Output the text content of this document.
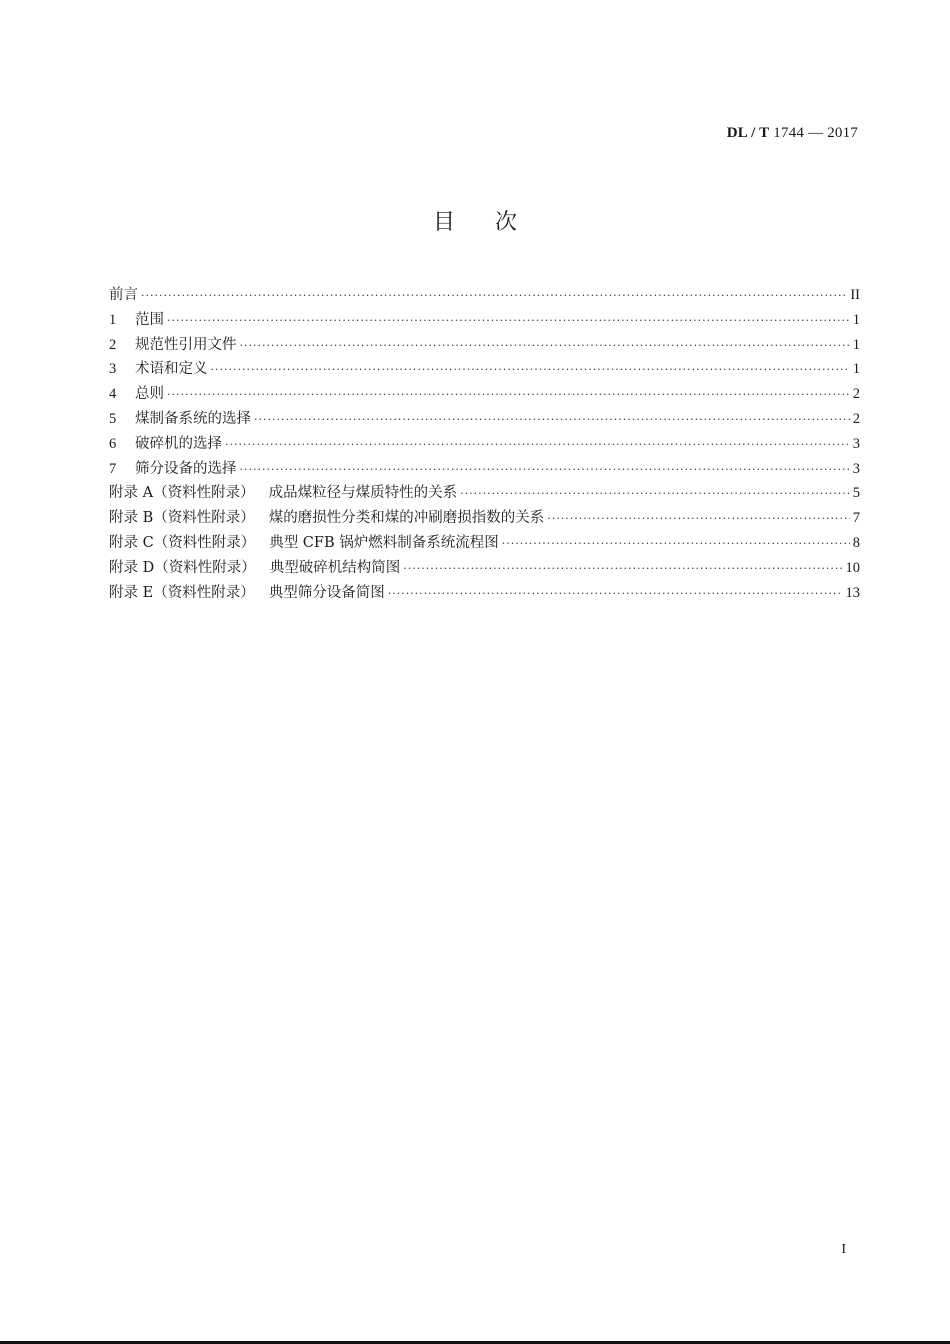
DL / T 1744 — 2017
目次
前言 ·····	II
1	范围 ·····	1
2	规范性引用文件 ·····	1
3	术语和定义 ·····	1
4	总则 ·····	2
5	煤制备系统的选择 ·····	2
6	破碎机的选择 ·····	3
7	筛分设备的选择 ·····	3
附录 A（资料性附录） 成品煤粒径与煤质特性的关系 ·····	5
附录 B（资料性附录） 煤的磨损性分类和煤的冲刷磨损指数的关系 ·····	7
附录 C（资料性附录） 典型 CFB 锅炉燃料制备系统流程图 ·····	8
附录 D（资料性附录） 典型破碎机结构简图 ·····	10
附录 E（资料性附录） 典型筛分设备简图 ·····	13
I
